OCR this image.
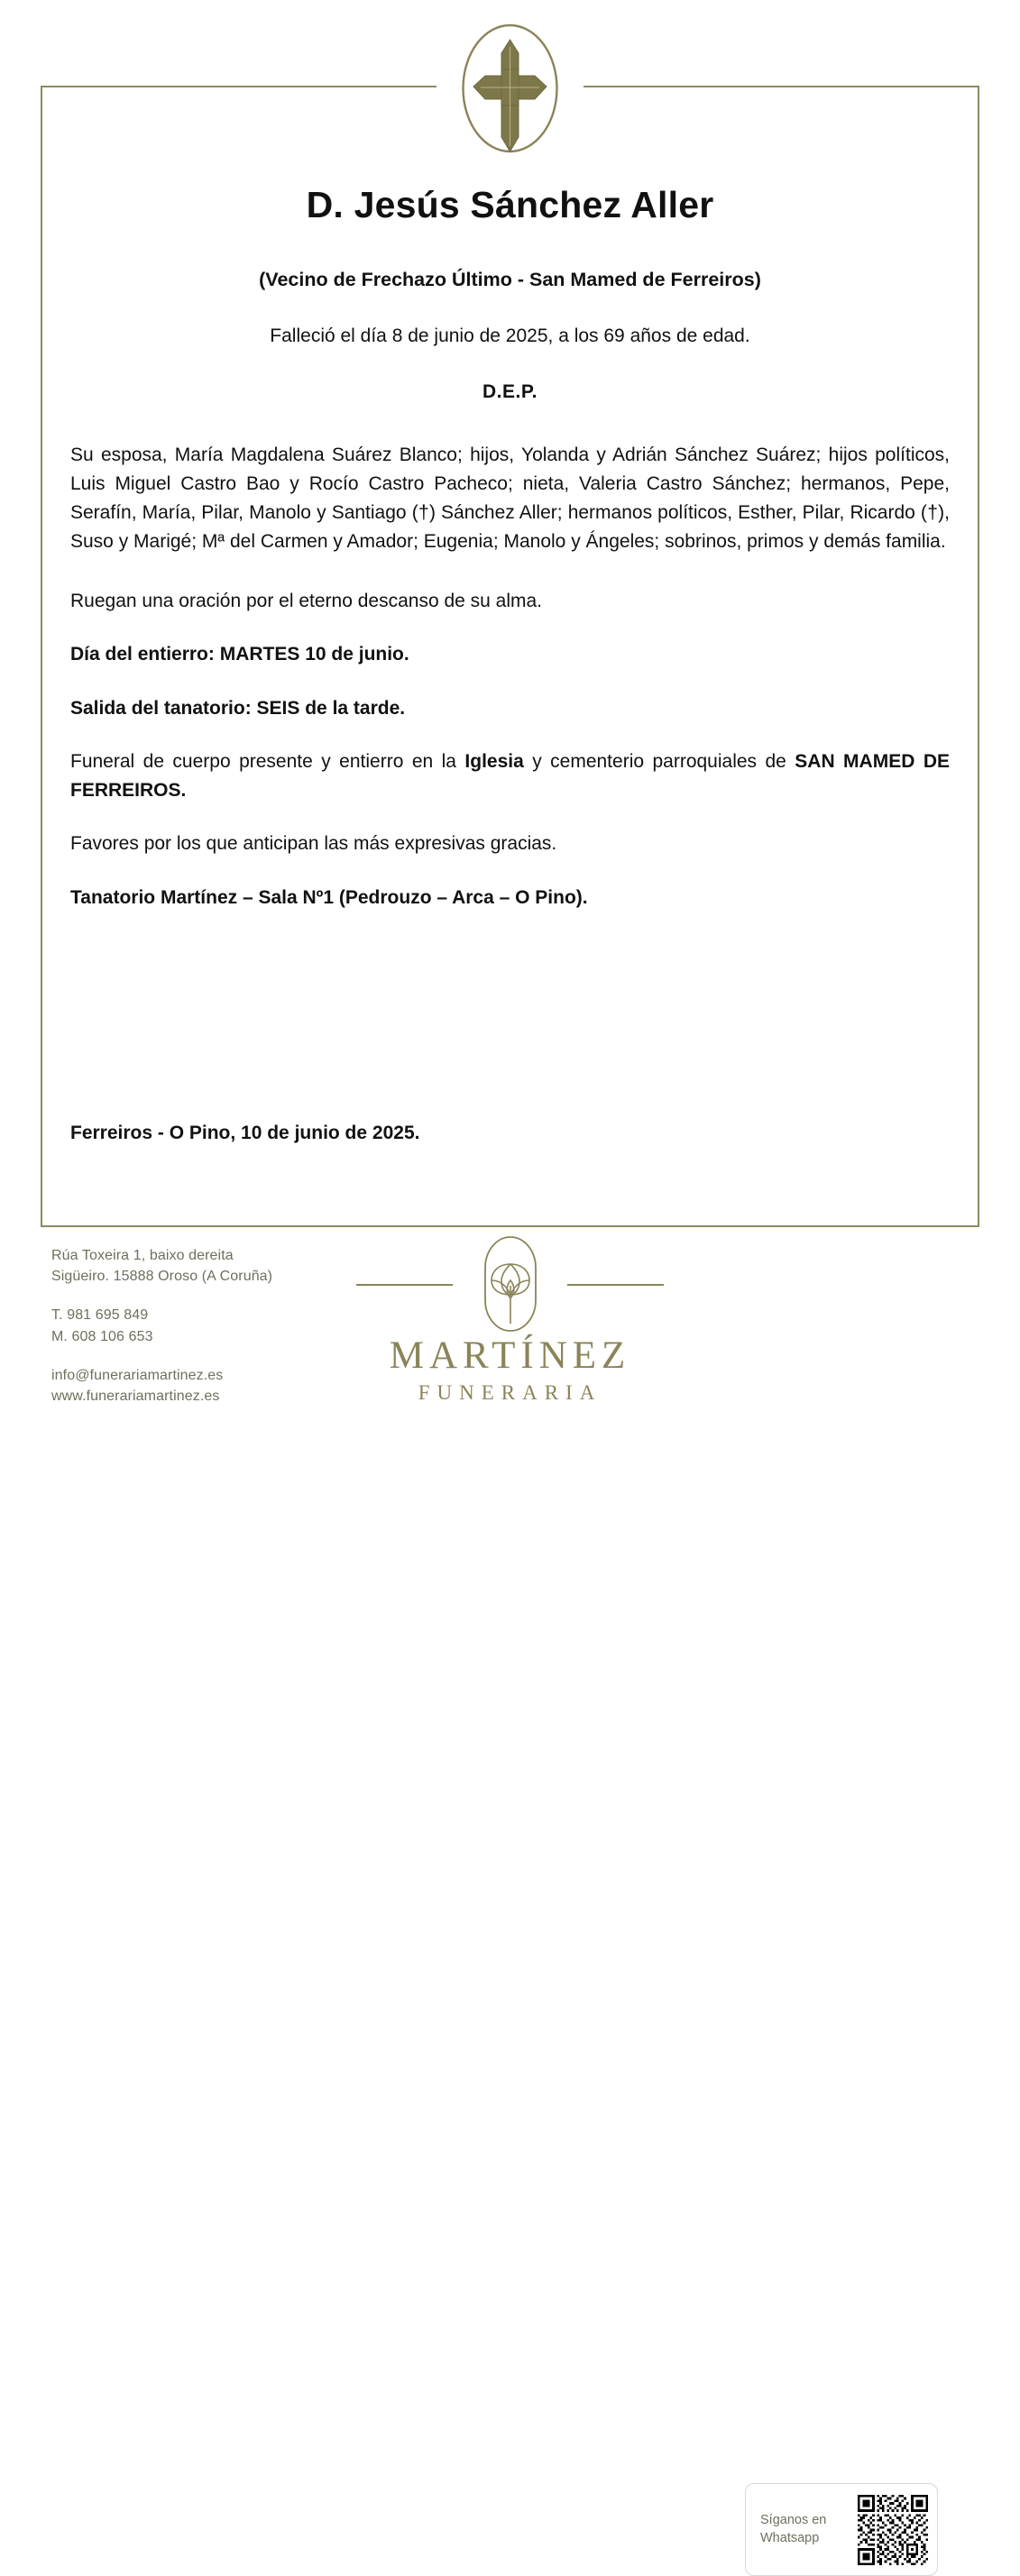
D. Jesús Sánchez Aller
(Vecino de Frechazo Último - San Mamed de Ferreiros)
Falleció el día 8 de junio de 2025, a los 69 años de edad.
D.E.P.

Su esposa, María Magdalena Suárez Blanco; hijos, Yolanda y Adrián Sánchez Suárez; hijos políticos, Luis Miguel Castro Bao y Rocío Castro Pacheco; nieta, Valeria Castro Sánchez; hermanos, Pepe, Serafín, María, Pilar, Manolo y Santiago (†) Sánchez Aller; hermanos políticos, Esther, Pilar, Ricardo (†), Suso y Marigé; Mª del Carmen y Amador; Eugenia; Manolo y Ángeles; sobrinos, primos y demás familia.

Ruegan una oración por el eterno descanso de su alma.

Día del entierro: MARTES 10 de junio.

Salida del tanatorio: SEIS de la tarde.

Funeral de cuerpo presente y entierro en la Iglesia y cementerio parroquiales de SAN MAMED DE FERREIROS.

Favores por los que anticipan las más expresivas gracias.

Tanatorio Martínez – Sala Nº1 (Pedrouzo – Arca – O Pino).

Ferreiros - O Pino, 10 de junio de 2025.
Rúa Toxeira 1, baixo dereita
Sigüeiro. 15888 Oroso (A Coruña)
T. 981 695 849
M. 608 106 653
info@funerariamartinez.es
www.funerariamartinez.es
MARTÍNEZ
FUNERARIA
Síganos en
Whatsapp
